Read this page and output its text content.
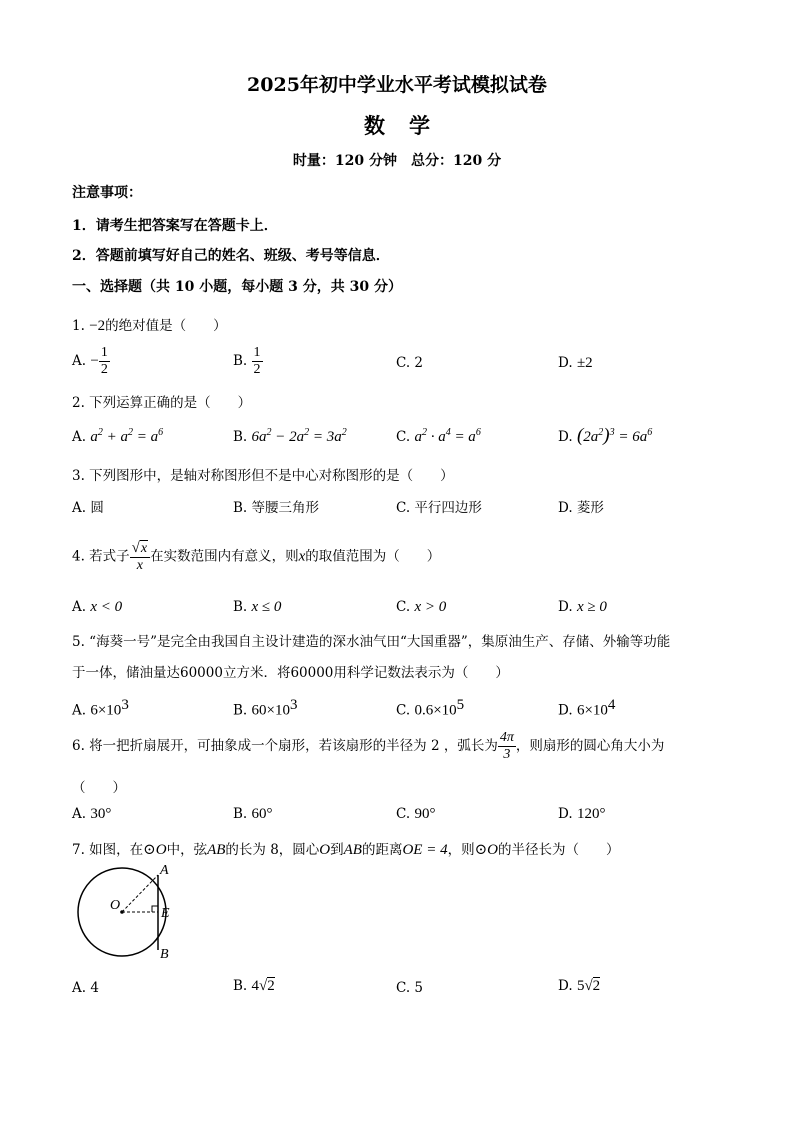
2025年初中学业水平考试模拟试卷
数学
时量：120 分钟　总分：120 分
注意事项：
1．请考生把答案写在答题卡上．
2．答题前填写好自己的姓名、班级、考号等信息．
一、选择题（共 10 小题，每小题 3 分，共 30 分）
1. −2的绝对值是（　　）
A. − $\frac{1}{2}$	B. $\frac{1}{2}$	C. 2	D. ±2
2. 下列运算正确的是（　　）
A. $a^2 + a^2 = a^6$	B. $6a^2 - 2a^2 = 3a^2$	C. $a^2 \cdot a^4 = a^6$	D. $(2a^2)^3 = 6a^6$
3. 下列图形中，是轴对称图形但不是中心对称图形的是（　　）
A. 圆	B. 等腰三角形	C. 平行四边形	D. 菱形
4. 若式子 $\frac{√x}{x}$ 在实数范围内有意义，则x的取值范围为（　　）
A. x < 0	B. x ≤ 0	C. x > 0	D. x ≥ 0
5. “海葵一号”是完全由我国自主设计建造的深水油气田“大国重器”，集原油生产、存储、外输等功能
于一体，储油量达60000立方米．将60000用科学记数法表示为（　　）
A. $6\times 10^3$	B. $60\times 10^3$	C. $0.6\times 10^5$	D. $6\times 10^4$
6. 将一把折扇展开，可抽象成一个扇形，若该扇形的半径为 2 ，弧长为 $\frac{4\pi}{3}$ ，则扇形的圆心角大小为
（　　）
A. 30°	B. 60°	C. 90°	D. 120°
7. 如图，在⊙O中，弦AB的长为 8，圆心O到AB的距离OE = 4，则⊙O的半径长为（　　）
A
B
O
E
A. 4	B. 4√2	C. 5	D. 5√2
